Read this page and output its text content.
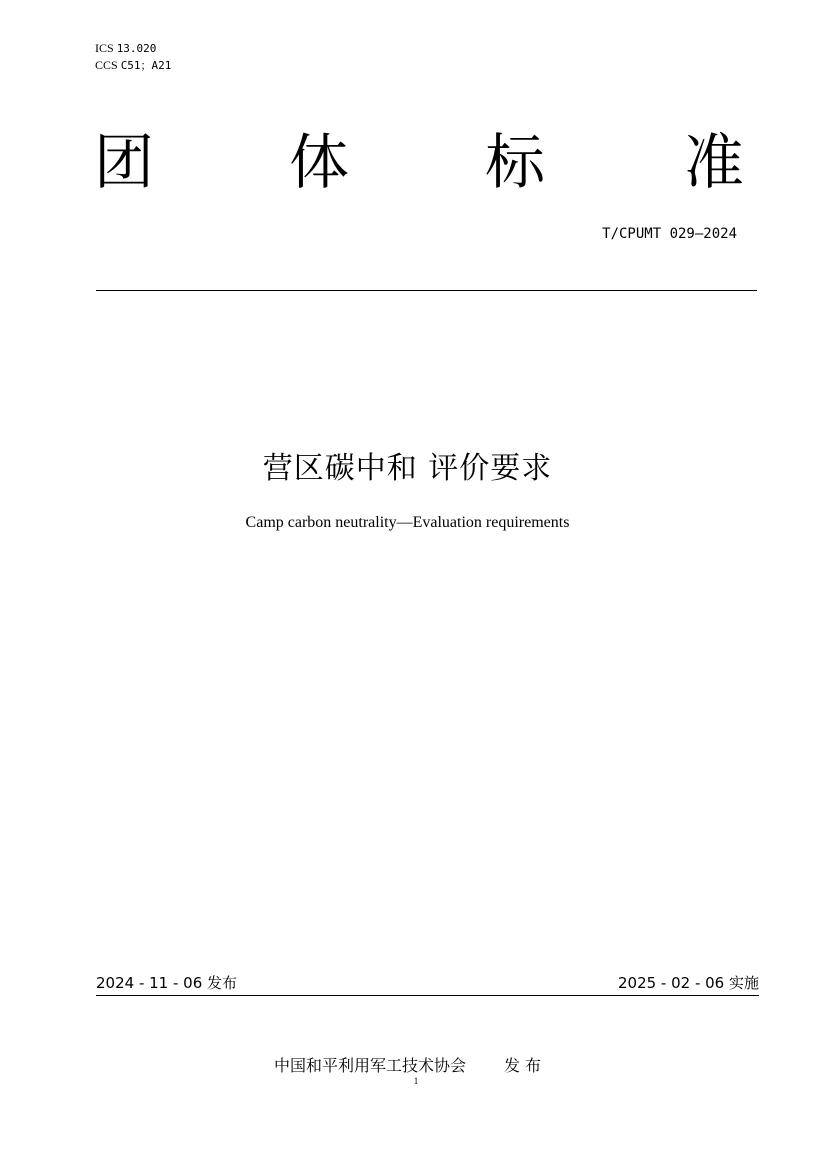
ICS 13.020
CCS C51；A21
团 体 标 准
T/CPUMT 029—2024
营区碳中和 评价要求
Camp carbon neutrality—Evaluation requirements
2024 - 11 - 06 发布	2025 - 02 - 06 实施
中国和平利用军工技术协会 发 布
1
